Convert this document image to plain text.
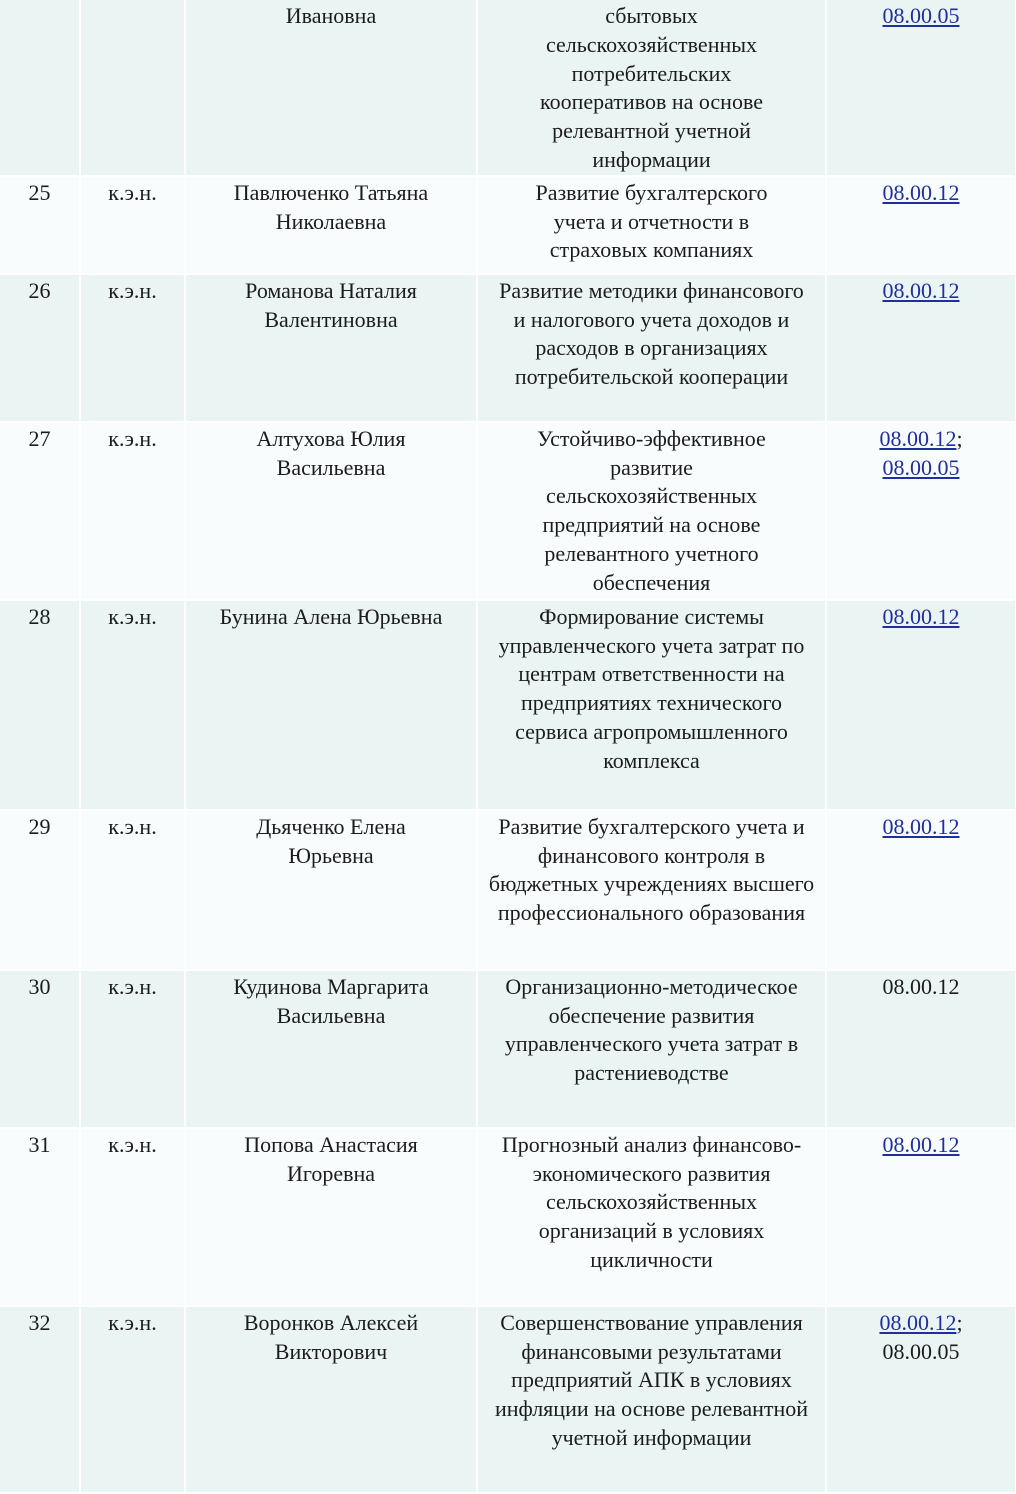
		Ивановна	сбытовых сельскохозяйственных потребительских кооперативов на основе релевантной учетной информации	08.00.05
25	к.э.н.	Павлюченко Татьяна Николаевна	Развитие бухгалтерского учета и отчетности в страховых компаниях	08.00.12
26	к.э.н.	Романова Наталия Валентиновна	Развитие методики финансового и налогового учета доходов и расходов в организациях потребительской кооперации	08.00.12
27	к.э.н.	Алтухова Юлия Васильевна	Устойчиво-эффективное развитие сельскохозяйственных предприятий на основе релевантного учетного обеспечения	08.00.12;
08.00.05
28	к.э.н.	Бунина Алена Юрьевна	Формирование системы управленческого учета затрат по центрам ответственности на предприятиях технического сервиса агропромышленного комплекса	08.00.12
29	к.э.н.	Дьяченко Елена Юрьевна	Развитие бухгалтерского учета и финансового контроля в бюджетных учреждениях высшего профессионального образования	08.00.12
30	к.э.н.	Кудинова Маргарита Васильевна	Организационно-методическое обеспечение развития управленческого учета затрат в растениеводстве	08.00.12
31	к.э.н.	Попова Анастасия Игоревна	Прогнозный анализ финансово-экономического развития сельскохозяйственных организаций в условиях цикличности	08.00.12
32	к.э.н.	Воронков Алексей Викторович	Совершенствование управления финансовыми результатами предприятий АПК в условиях инфляции на основе релевантной учетной информации	08.00.12;
08.00.05
